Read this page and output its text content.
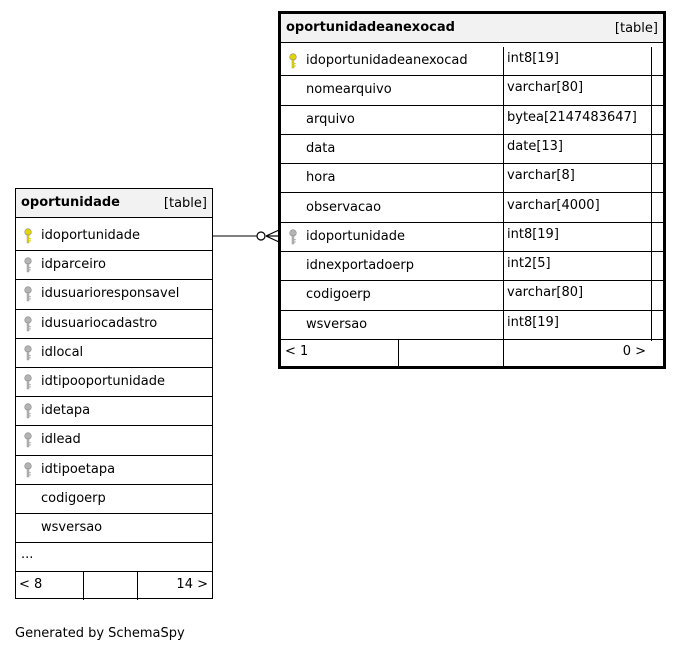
oportunidade	[table]
idoportunidade
idparceiro
idusuarioresponsavel
idusuariocadastro
idlocal
idtipooportunidade
idetapa
idlead
idtipoetapa
codigoerp
wsversao
...
< 8	14 >
oportunidadeanexocad	[table]
idoportunidadeanexocad	int8[19]
nomearquivo	varchar[80]
arquivo	bytea[2147483647]
data	date[13]
hora	varchar[8]
observacao	varchar[4000]
idoportunidade	int8[19]
idnexportadoerp	int2[5]
codigoerp	varchar[80]
wsversao	int8[19]
< 1	0 >
Generated by SchemaSpy
